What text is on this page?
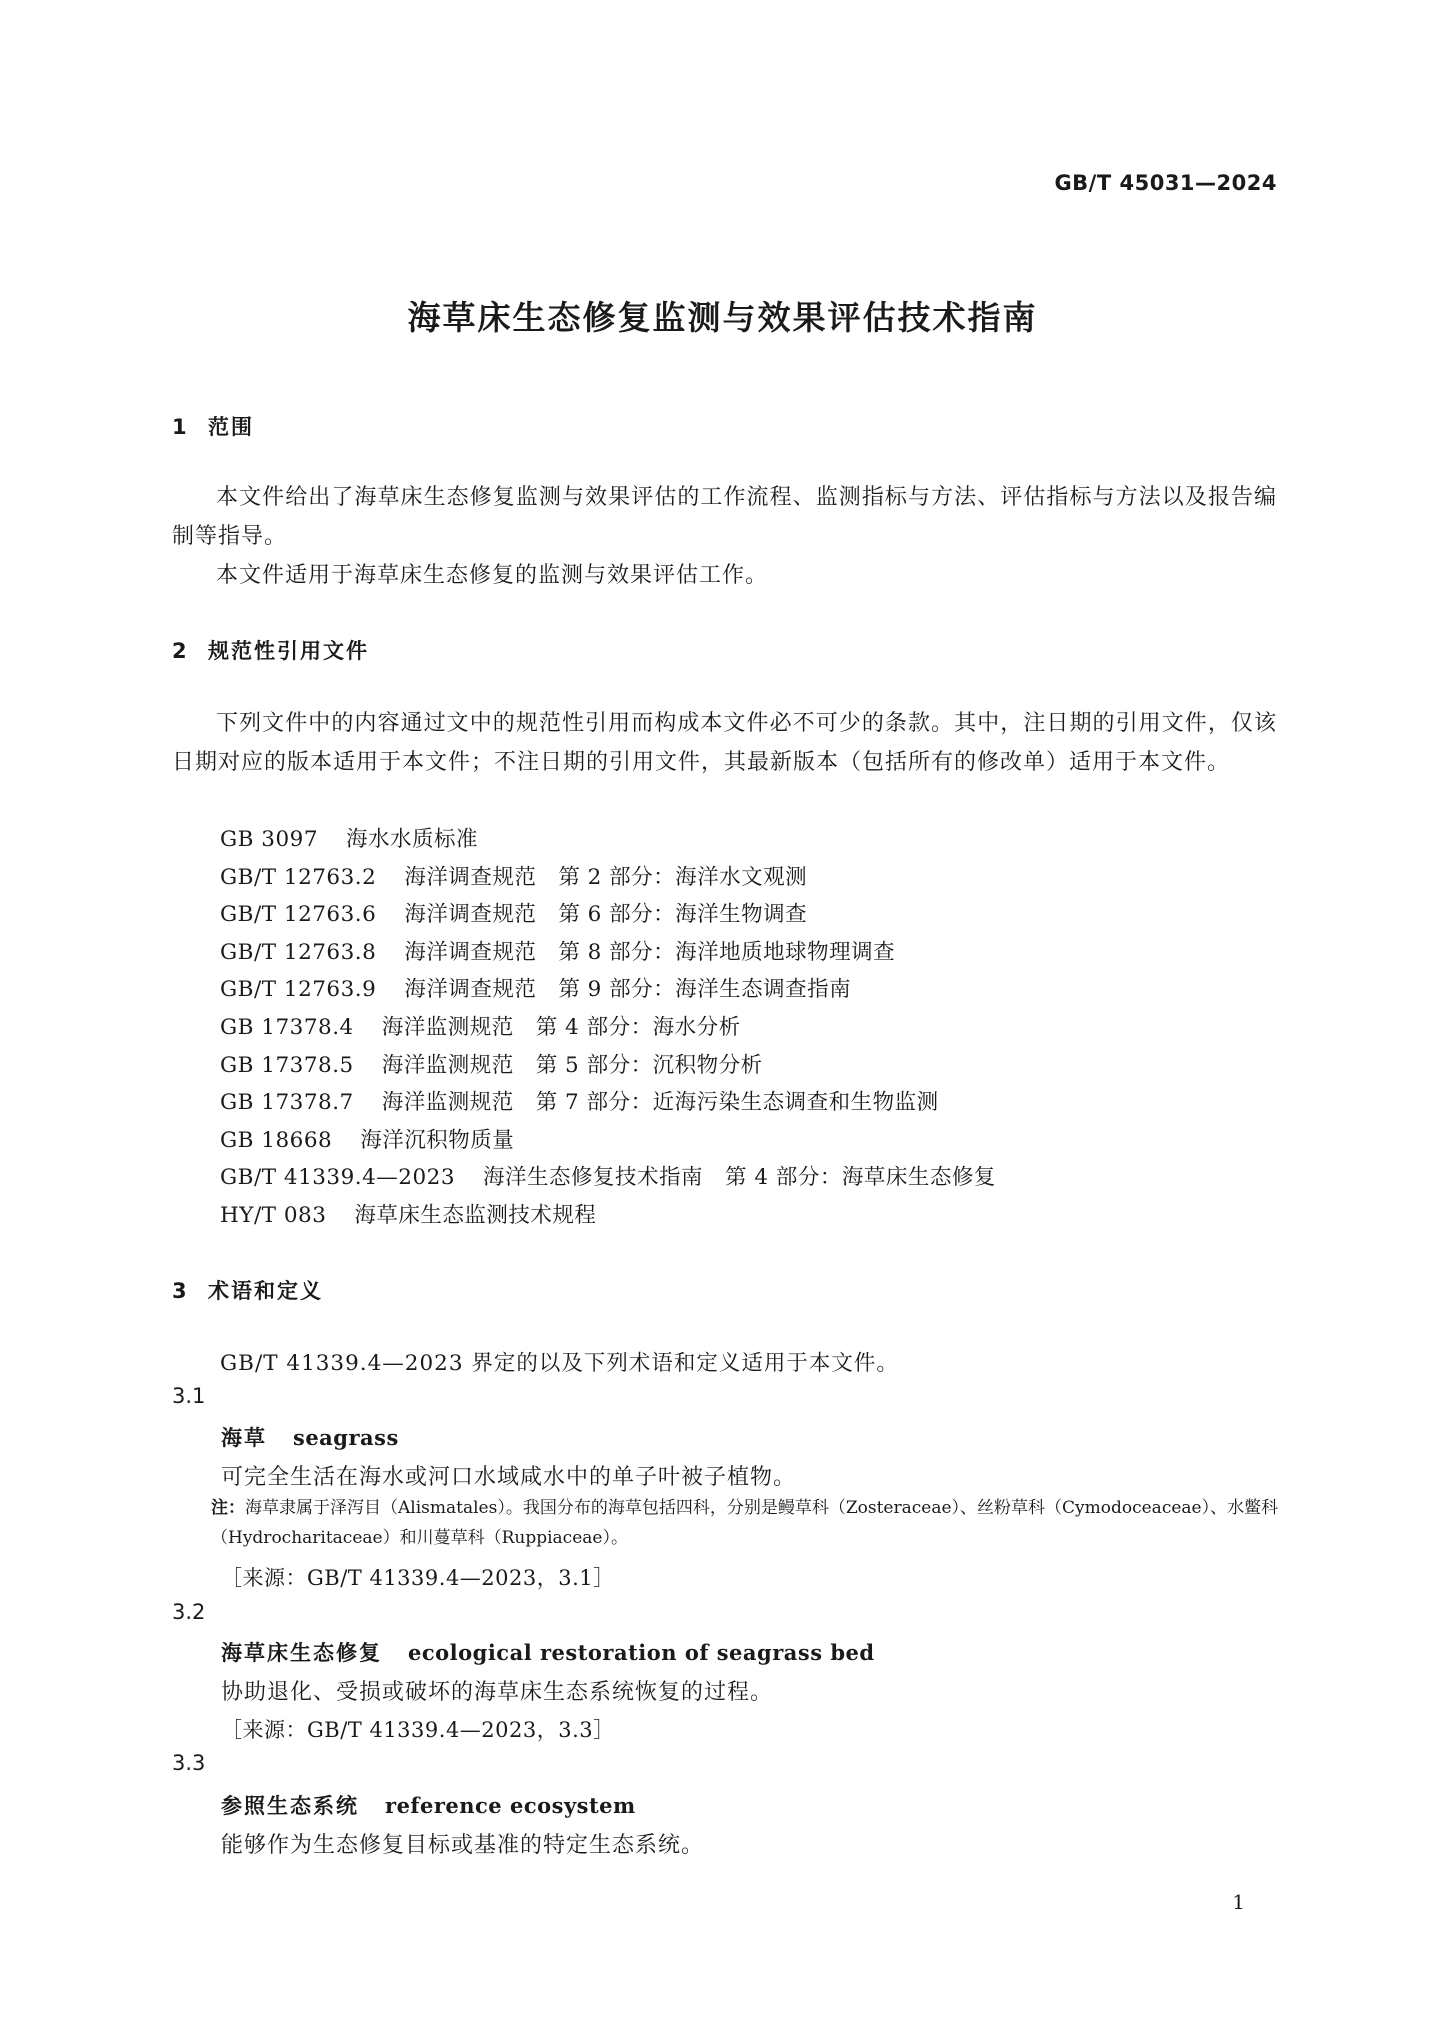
GB/T 45031—2024
海草床生态修复监测与效果评估技术指南
1 范围
本文件给出了海草床生态修复监测与效果评估的工作流程、监测指标与方法、评估指标与方法以及报告编制等指导。
本文件适用于海草床生态修复的监测与效果评估工作。
2 规范性引用文件
下列文件中的内容通过文中的规范性引用而构成本文件必不可少的条款。其中，注日期的引用文件，仅该日期对应的版本适用于本文件；不注日期的引用文件，其最新版本（包括所有的修改单）适用于本文件。
GB 3097 海水水质标准
GB/T 12763.2 海洋调查规范　第 2 部分：海洋水文观测
GB/T 12763.6 海洋调查规范　第 6 部分：海洋生物调查
GB/T 12763.8 海洋调查规范　第 8 部分：海洋地质地球物理调查
GB/T 12763.9 海洋调查规范　第 9 部分：海洋生态调查指南
GB 17378.4 海洋监测规范　第 4 部分：海水分析
GB 17378.5 海洋监测规范　第 5 部分：沉积物分析
GB 17378.7 海洋监测规范　第 7 部分：近海污染生态调查和生物监测
GB 18668 海洋沉积物质量
GB/T 41339.4—2023 海洋生态修复技术指南　第 4 部分：海草床生态修复
HY/T 083 海草床生态监测技术规程
3 术语和定义
GB/T 41339.4—2023 界定的以及下列术语和定义适用于本文件。
3.1
海草 seagrass
可完全生活在海水或河口水域咸水中的单子叶被子植物。
注：海草隶属于泽泻目（Alismatales）。我国分布的海草包括四科，分别是鳗草科（Zosteraceae）、丝粉草科（Cymodoceaceae）、水鳖科（Hydrocharitaceae）和川蔓草科（Ruppiaceae）。
［来源：GB/T 41339.4—2023，3.1］
3.2
海草床生态修复 ecological restoration of seagrass bed
协助退化、受损或破坏的海草床生态系统恢复的过程。
［来源：GB/T 41339.4—2023，3.3］
3.3
参照生态系统 reference ecosystem
能够作为生态修复目标或基准的特定生态系统。
1
